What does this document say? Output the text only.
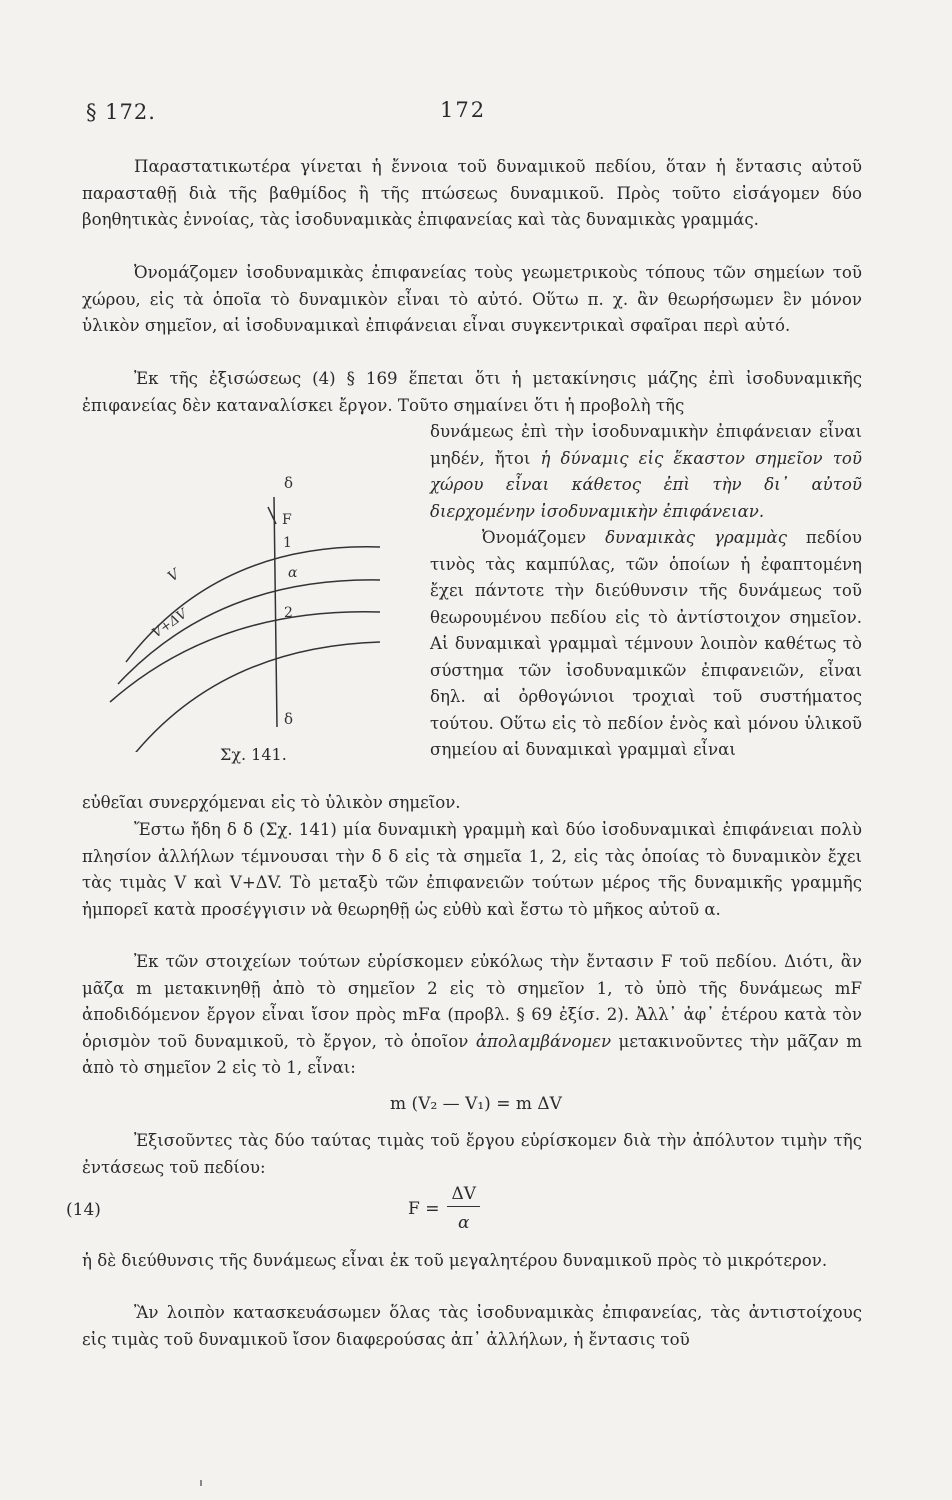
§ 172.	172

Παραστατικωτέρα γίνεται ἡ ἔννοια τοῦ δυναμικοῦ πεδίου, ὅταν ἡ ἔντασις αὐτοῦ παρασταθῇ διὰ τῆς βαθμίδος ἢ τῆς πτώσεως δυναμικοῦ. Πρὸς τοῦτο εἰσάγομεν δύο βοηθητικὰς ἐννοίας, τὰς ἰσοδυναμικὰς ἐπιφανείας καὶ τὰς δυναμικὰς γραμμάς.

Ὀνομάζομεν ἰσοδυναμικὰς ἐπιφανείας τοὺς γεωμετρικοὺς τόπους τῶν σημείων τοῦ χώρου, εἰς τὰ ὁποῖα τὸ δυναμικὸν εἶναι τὸ αὐτό. Οὕτω π. χ. ἂν θεωρήσωμεν ἓν μόνον ὑλικὸν σημεῖον, αἱ ἰσοδυναμικαὶ ἐπιφάνειαι εἶναι συγκεντρικαὶ σφαῖραι περὶ αὐτό.

Ἐκ τῆς ἐξισώσεως (4) § 169 ἕπεται ὅτι ἡ μετακίνησις μάζης ἐπὶ ἰσοδυναμικῆς ἐπιφανείας δὲν καταναλίσκει ἔργον. Τοῦτο σημαίνει ὅτι ἡ προβολὴ τῆς

δυνάμεως ἐπὶ τὴν ἰσοδυναμικὴν ἐπιφάνειαν εἶναι μηδέν, ἤτοι ἡ δύναμις εἰς ἕκαστον σημεῖον τοῦ χώρου εἶναι κάθετος ἐπὶ τὴν δι᾽ αὐτοῦ διερχομένην ἰσοδυναμικὴν ἐπιφάνειαν.

Ὀνομάζομεν δυναμικὰς γραμμὰς πεδίου τινὸς τὰς καμπύλας, τῶν ὁποίων ἡ ἐφαπτομένη ἔχει πάντοτε τὴν διεύθυνσιν τῆς δυνάμεως τοῦ θεωρουμένου πεδίου εἰς τὸ ἀντίστοιχον σημεῖον. Αἱ δυναμικαὶ γραμμαὶ τέμνουν λοιπὸν καθέτως τὸ σύστημα τῶν ἰσοδυναμικῶν ἐπιφανειῶν, εἶναι δηλ. αἱ ὀρθογώνιοι τροχιαὶ τοῦ συστήματος τούτου. Οὕτω εἰς τὸ πεδίον ἑνὸς καὶ μόνου ὑλικοῦ σημείου αἱ δυναμικαὶ γραμμαὶ εἶναι

εὐθεῖαι συνερχόμεναι εἰς τὸ ὑλικὸν σημεῖον.

δ
F
1
α
2
δ
V
V+ΔV
Σχ. 141.

Ἔστω ἤδη δ δ (Σχ. 141) μία δυναμικὴ γραμμὴ καὶ δύο ἰσοδυναμικαὶ ἐπιφάνειαι πολὺ πλησίον ἀλλήλων τέμνουσαι τὴν δ δ εἰς τὰ σημεῖα 1, 2, εἰς τὰς ὁποίας τὸ δυναμικὸν ἔχει τὰς τιμὰς V καὶ V+ΔV. Τὸ μεταξὺ τῶν ἐπιφανειῶν τούτων μέρος τῆς δυναμικῆς γραμμῆς ἠμπορεῖ κατὰ προσέγγισιν νὰ θεωρηθῇ ὡς εὐθὺ καὶ ἔστω τὸ μῆκος αὐτοῦ α.

Ἐκ τῶν στοιχείων τούτων εὑρίσκομεν εὐκόλως τὴν ἔντασιν F τοῦ πεδίου. Διότι, ἂν μᾶζα m μετακινηθῇ ἀπὸ τὸ σημεῖον 2 εἰς τὸ σημεῖον 1, τὸ ὑπὸ τῆς δυνάμεως mF ἀποδιδόμενον ἔργον εἶναι ἴσον πρὸς mFα (προβλ. § 69 ἐξίσ. 2). Ἀλλ᾽ ἀφ᾽ ἑτέρου κατὰ τὸν ὁρισμὸν τοῦ δυναμικοῦ, τὸ ἔργον, τὸ ὁποῖον ἀπολαμβάνομεν μετακινοῦντες τὴν μᾶζαν m ἀπὸ τὸ σημεῖον 2 εἰς τὸ 1, εἶναι:

m (V₂ — V₁) = m ΔV

Ἐξισοῦντες τὰς δύο ταύτας τιμὰς τοῦ ἔργου εὑρίσκομεν διὰ τὴν ἀπόλυτον τιμὴν τῆς ἐντάσεως τοῦ πεδίου:

(14)	$F = \frac{\Delta V}{\alpha}$

ἡ δὲ διεύθυνσις τῆς δυνάμεως εἶναι ἐκ τοῦ μεγαλητέρου δυναμικοῦ πρὸς τὸ μικρότερον.

Ἂν λοιπὸν κατασκευάσωμεν ὅλας τὰς ἰσοδυναμικὰς ἐπιφανείας, τὰς ἀντιστοίχους εἰς τιμὰς τοῦ δυναμικοῦ ἴσον διαφερούσας ἀπ᾽ ἀλλήλων, ἡ ἔντασις τοῦ
